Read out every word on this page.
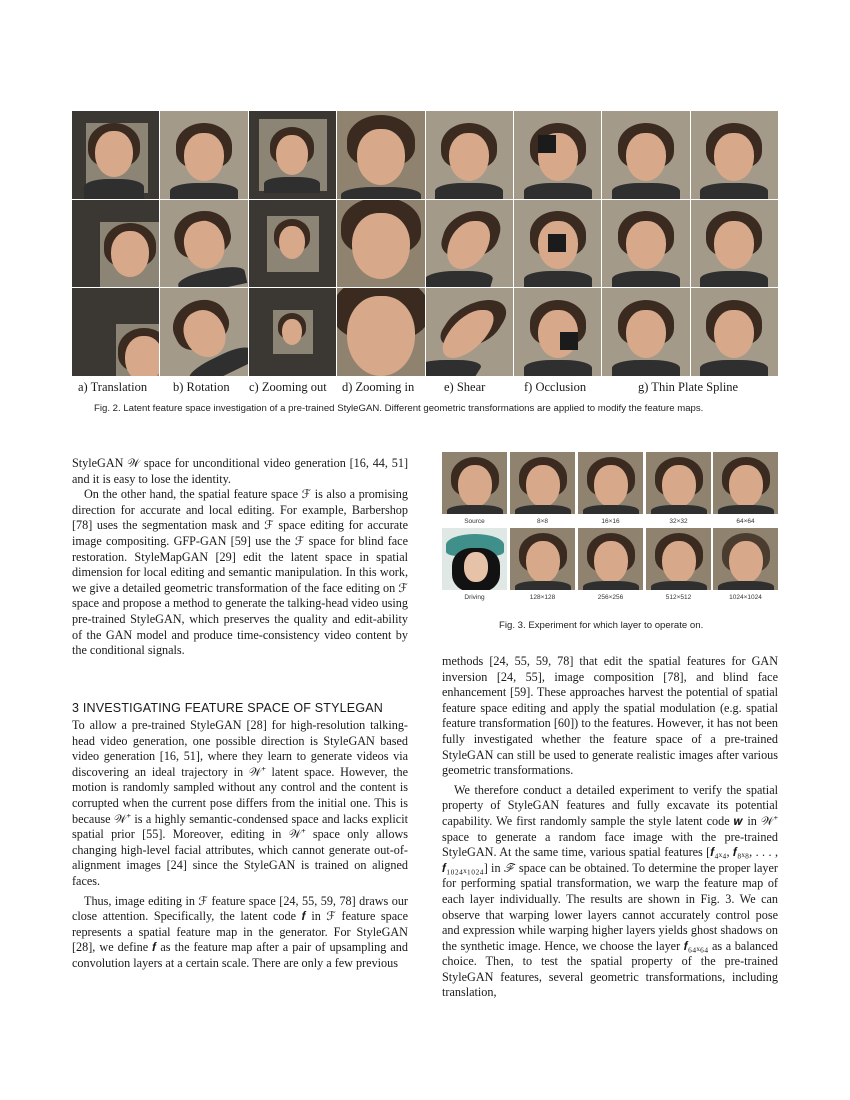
a) Translation b) Rotation c) Zooming out d) Zooming in e) Shear	f) Occlusion	g) Thin Plate Spline
Fig. 2. Latent feature space investigation of a pre-trained StyleGAN. Different geometric transformations are applied to modify the feature maps.
Source	8×8	16×16	32×32	64×64
Driving	128×128	256×256	512×512	1024×1024
Fig. 3. Experiment for which layer to operate on.

StyleGAN 𝒲 space for unconditional video generation [16, 44, 51] and it is easy to lose the identity.

On the other hand, the spatial feature space ℱ is also a promising direction for accurate and local editing. For example, Barbershop [78] uses the segmentation mask and ℱ space editing for accurate image compositing. GFP-GAN [59] use the ℱ space for blind face restoration. StyleMapGAN [29] edit the latent space in spatial dimension for local editing and semantic manipulation. In this work, we give a detailed geometric transformation of the face editing on ℱ space and propose a method to generate the talking-head video using pre-trained StyleGAN, which preserves the quality and edit-ability of the GAN model and produce time-consistency video content by the conditional signals.

3 INVESTIGATING FEATURE SPACE OF STYLEGAN

To allow a pre-trained StyleGAN [28] for high-resolution talking-head video generation, one possible direction is StyleGAN based video generation [16, 51], where they learn to generate videos via discovering an ideal trajectory in 𝒲⁺ latent space. However, the motion is randomly sampled without any control and the content is corrupted when the current pose differs from the initial one. This is because 𝒲⁺ is a highly semantic-condensed space and lacks explicit spatial prior [55]. Moreover, editing in 𝒲⁺ space only allows changing high-level facial attributes, which cannot generate out-of-alignment images [24] since the StyleGAN is trained on aligned faces.

Thus, image editing in ℱ feature space [24, 55, 59, 78] draws our close attention. Specifically, the latent code 𝒇 in ℱ feature space represents a spatial feature map in the generator. For StyleGAN [28], we define 𝒇 as the feature map after a pair of upsampling and convolution layers at a certain scale. There are only a few previous

methods [24, 55, 59, 78] that edit the spatial features for GAN inversion [24, 55], image composition [78], and blind face enhancement [59]. These approaches harvest the potential of spatial feature space editing and apply the spatial modulation (e.g. spatial feature transformation [60]) to the features. However, it has not been fully investigated whether the feature space of a pre-trained StyleGAN can still be used to generate realistic images after various geometric transformations.

We therefore conduct a detailed experiment to verify the spatial property of StyleGAN features and fully excavate its potential capability. We first randomly sample the style latent code 𝒘 in 𝒲⁺ space to generate a random face image with the pre-trained StyleGAN. At the same time, various spatial features [𝒇₄ₓ₄, 𝒇₈ₓ₈, . . . , 𝒇₁₀₂₄ₓ₁₀₂₄] in ℱ space can be obtained. To determine the proper layer for performing spatial transformation, we warp the feature map of each layer individually. The results are shown in Fig. 3. We can observe that warping lower layers cannot accurately control pose and expression while warping higher layers yields ghost shadows on the synthetic image. Hence, we choose the layer 𝒇₆₄ₓ₆₄ as a balanced choice. Then, to test the spatial property of the pre-trained StyleGAN features, several geometric transformations, including translation,
